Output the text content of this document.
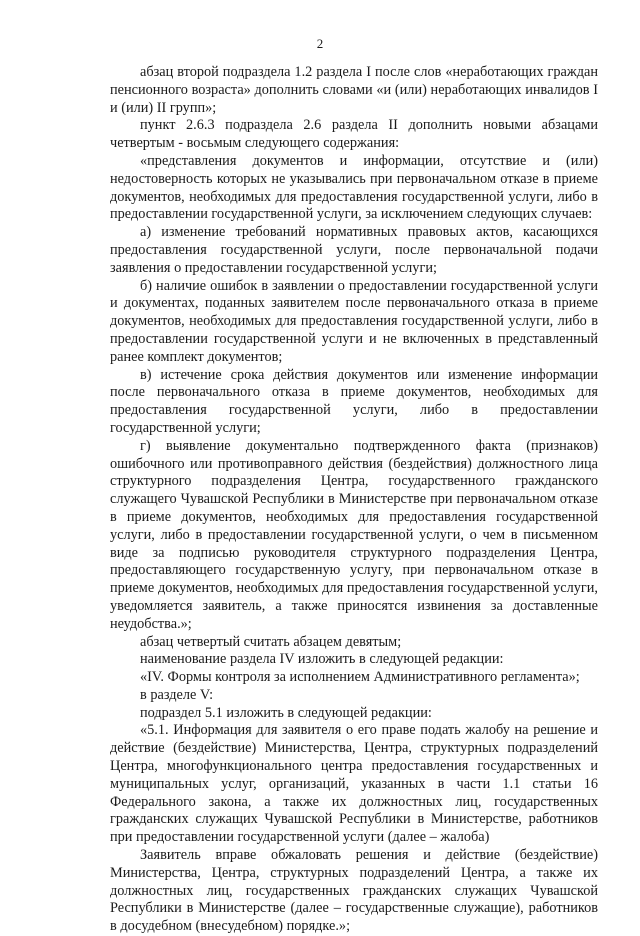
2

абзац второй подраздела 1.2 раздела I после слов «неработающих граждан пенсионного возраста» дополнить словами «и (или) неработающих инвалидов I и (или) II групп»;

пункт 2.6.3 подраздела 2.6 раздела II дополнить новыми абзацами четвертым - восьмым следующего содержания:

«представления документов и информации, отсутствие и (или) недостоверность которых не указывались при первоначальном отказе в приеме документов, необходимых для предоставления государственной услуги, либо в предоставлении государственной услуги, за исключением следующих случаев:

а) изменение требований нормативных правовых актов, касающихся предоставления государственной услуги, после первоначальной подачи заявления о предоставлении государственной услуги;

б) наличие ошибок в заявлении о предоставлении государственной услуги и документах, поданных заявителем после первоначального отказа в приеме документов, необходимых для предоставления государственной услуги, либо в предоставлении государственной услуги и не включенных в представленный ранее комплект документов;

в) истечение срока действия документов или изменение информации после первоначального отказа в приеме документов, необходимых для предоставления государственной услуги, либо в предоставлении государственной услуги;

г) выявление документально подтвержденного факта (признаков) ошибочного или противоправного действия (бездействия) должностного лица структурного подразделения Центра, государственного гражданского служащего Чувашской Республики в Министерстве при первоначальном отказе в приеме документов, необходимых для предоставления государственной услуги, либо в предоставлении государственной услуги, о чем в письменном виде за подписью руководителя структурного подразделения Центра, предоставляющего государственную услугу, при первоначальном отказе в приеме документов, необходимых для предоставления государственной услуги, уведомляется заявитель, а также приносятся извинения за доставленные неудобства.»;

абзац четвертый считать абзацем девятым;

наименование раздела IV изложить в следующей редакции:

«IV. Формы контроля за исполнением Административного регламента»;

в разделе V:

подраздел 5.1 изложить в следующей редакции:

«5.1. Информация для заявителя о его праве подать жалобу на решение и действие (бездействие) Министерства, Центра, структурных подразделений Центра, многофункционального центра предоставления государственных и муниципальных услуг, организаций, указанных в части 1.1 статьи 16 Федерального закона, а также их должностных лиц, государственных гражданских служащих Чувашской Республики в Министерстве, работников при предоставлении государственной услуги (далее – жалоба)

Заявитель вправе обжаловать решения и действие (бездействие) Министерства, Центра, структурных подразделений Центра, а также их должностных лиц, государственных гражданских служащих Чувашской Республики в Министерстве (далее – государственные служащие), работников в досудебном (внесудебном) порядке.»;
